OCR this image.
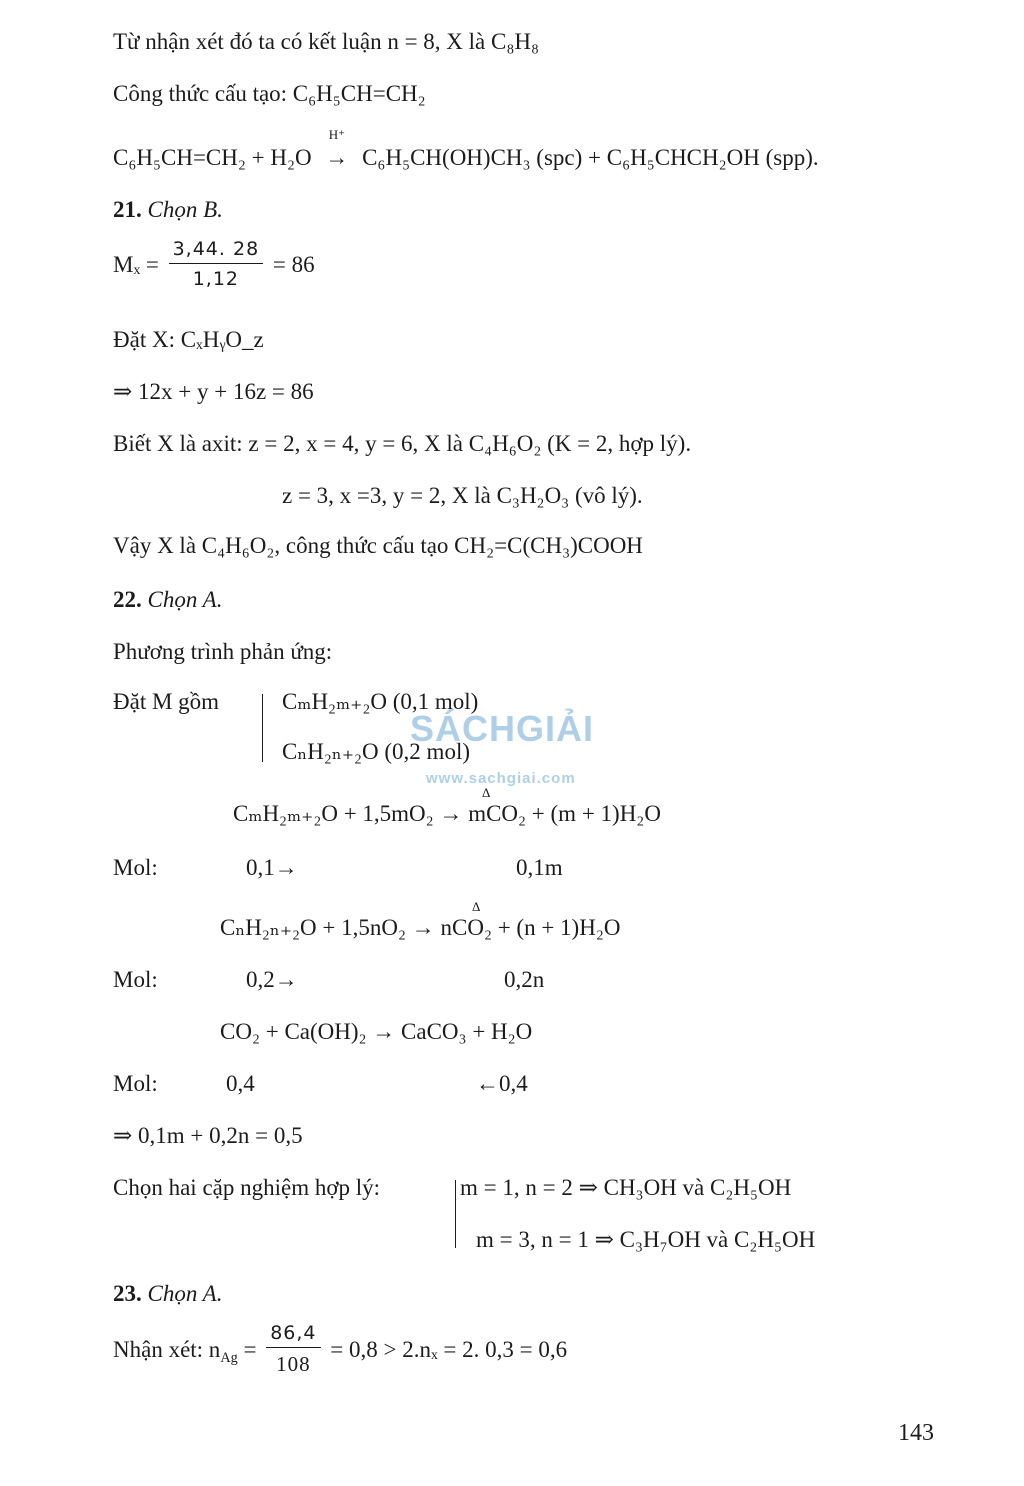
Từ nhận xét đó ta có kết luận n = 8, X là C₈H₈
Công thức cấu tạo: C₆H₅CH=CH₂
C₆H₅CH=CH₂ + H₂O
H⁺
→ C₆H₅CH(OH)CH₃ (spc) + C₆H₅CHCH₂OH (spp).
21. Chọn B.
$M_x = \frac{3,44. 28}{1,12} = 86$
Đặt X: CₓHᵧO_z
⇒ 12x + y + 16z = 86
Biết X là axit: z = 2, x = 4, y = 6, X là C₄H₆O₂ (K = 2, hợp lý).
z = 3, x =3, y = 2, X là C₃H₂O₃ (vô lý).
Vậy X là C₄H₆O₂, công thức cấu tạo CH₂=C(CH₃)COOH
22. Chọn A.
Phương trình phản ứng:
Đặt M gồm	CₘH₂ₘ₊₂O (0,1 mol)
CₙH₂ₙ₊₂O (0,2 mol)
SÁCHGIẢI
www.sachgiai.com
Δ
CₘH₂ₘ₊₂O + 1,5mO₂ → mCO₂ + (m + 1)H₂O
Mol:	0,1→	0,1m
Δ
CₙH₂ₙ₊₂O + 1,5nO₂ → nCO₂ + (n + 1)H₂O
Mol:	0,2→	0,2n
CO₂ + Ca(OH)₂ → CaCO₃ + H₂O
Mol:	0,4	←0,4
⇒ 0,1m + 0,2n = 0,5
Chọn hai cặp nghiệm hợp lý:	m = 1, n = 2 ⇒ CH₃OH và C₂H₅OH
m = 3, n = 1 ⇒ C₃H₇OH và C₂H₅OH
23. Chọn A.
Nhận xét: $n_{Ag} = \frac{86,4}{108} = 0,8 > 2.n_x = 2$. 0,3 = 0,6
143
